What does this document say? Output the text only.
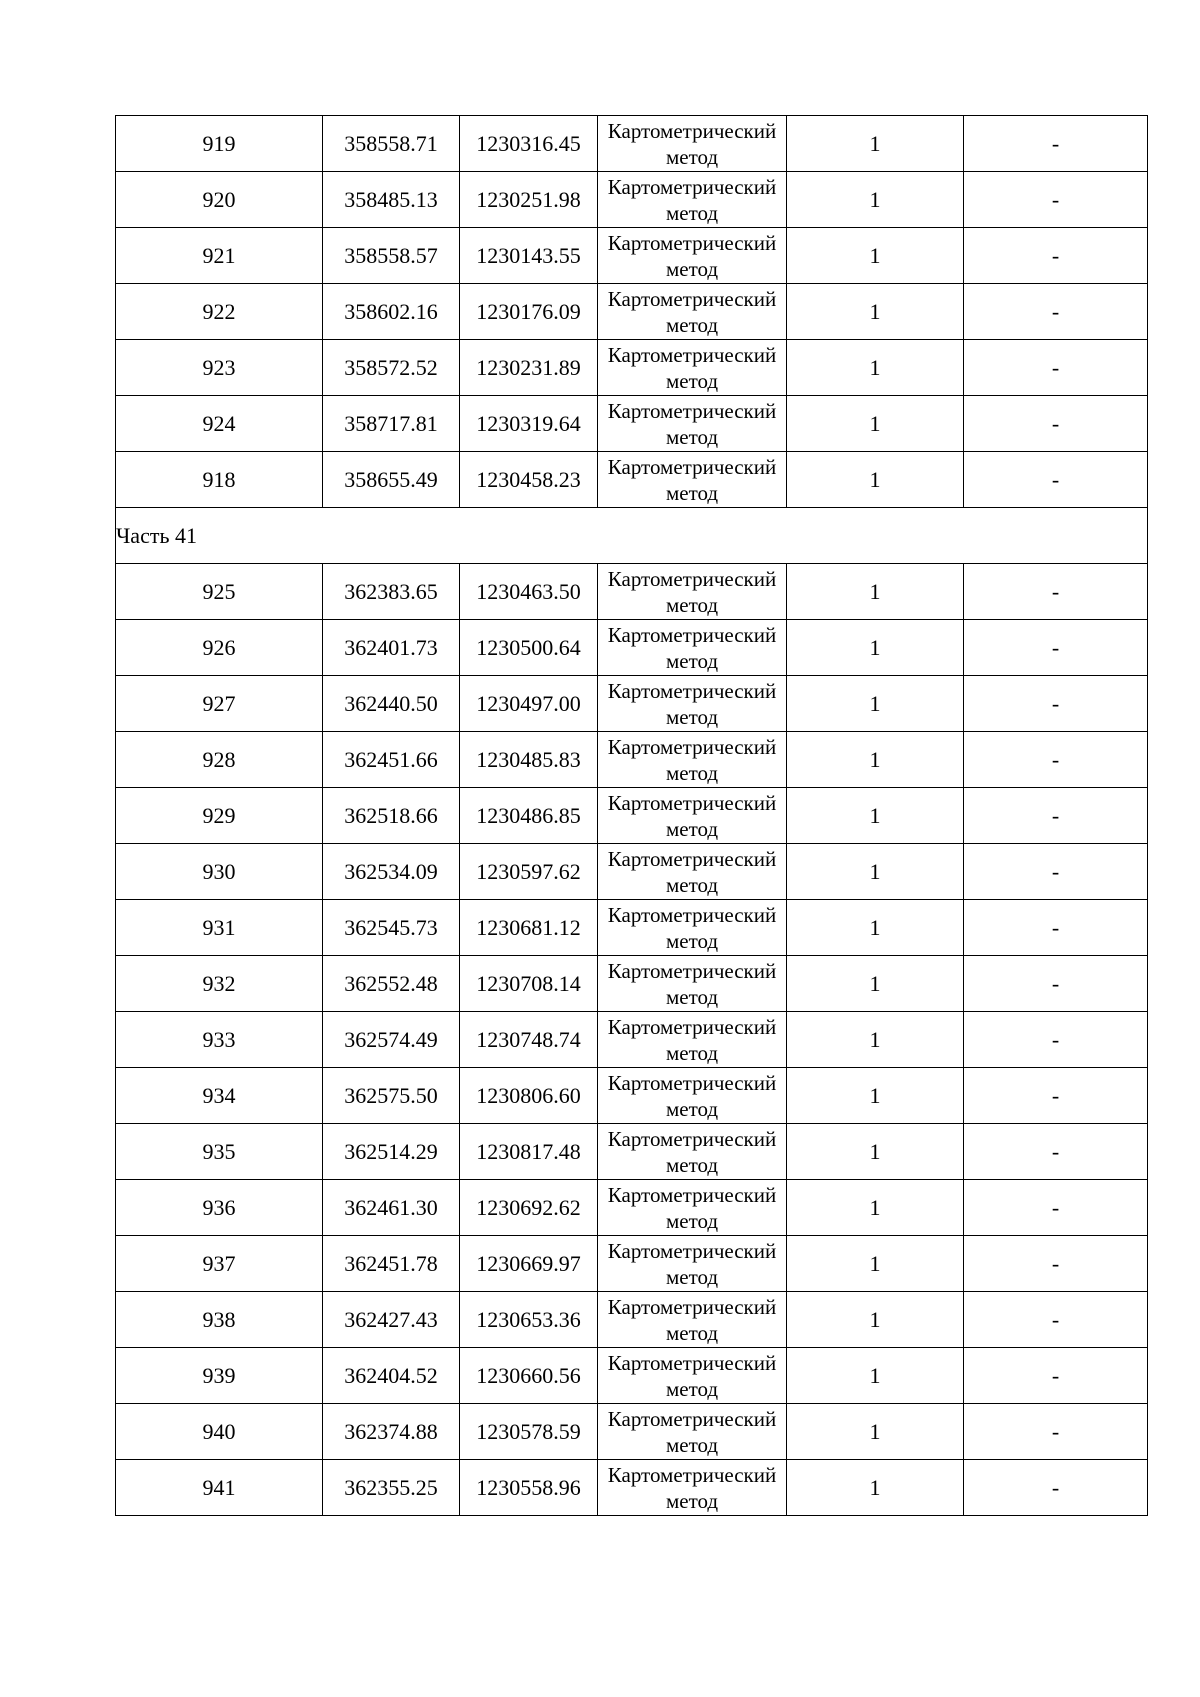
919	358558.71	1230316.45	Картометрический метод	1	-
920	358485.13	1230251.98	Картометрический метод	1	-
921	358558.57	1230143.55	Картометрический метод	1	-
922	358602.16	1230176.09	Картометрический метод	1	-
923	358572.52	1230231.89	Картометрический метод	1	-
924	358717.81	1230319.64	Картометрический метод	1	-
918	358655.49	1230458.23	Картометрический метод	1	-
Часть 41					
925	362383.65	1230463.50	Картометрический метод	1	-
926	362401.73	1230500.64	Картометрический метод	1	-
927	362440.50	1230497.00	Картометрический метод	1	-
928	362451.66	1230485.83	Картометрический метод	1	-
929	362518.66	1230486.85	Картометрический метод	1	-
930	362534.09	1230597.62	Картометрический метод	1	-
931	362545.73	1230681.12	Картометрический метод	1	-
932	362552.48	1230708.14	Картометрический метод	1	-
933	362574.49	1230748.74	Картометрический метод	1	-
934	362575.50	1230806.60	Картометрический метод	1	-
935	362514.29	1230817.48	Картометрический метод	1	-
936	362461.30	1230692.62	Картометрический метод	1	-
937	362451.78	1230669.97	Картометрический метод	1	-
938	362427.43	1230653.36	Картометрический метод	1	-
939	362404.52	1230660.56	Картометрический метод	1	-
940	362374.88	1230578.59	Картометрический метод	1	-
941	362355.25	1230558.96	Картометрический метод	1	-
